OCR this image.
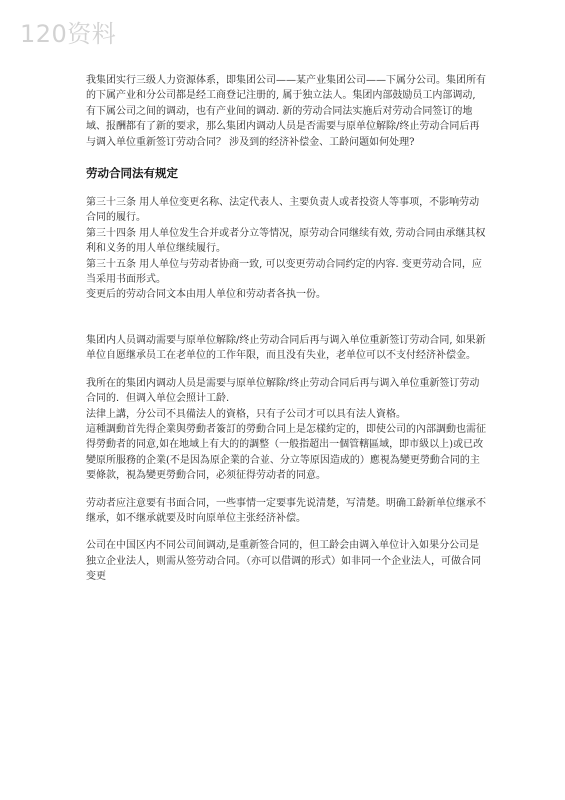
120资料

我集团实行三级人力资源体系，即集团公司——某产业集团公司——下属分公司。集团所有的下属产业和分公司都是经工商登记注册的, 属于独立法人。集团内部鼓励员工内部调动, 有下属公司之间的调动，也有产业间的调动. 新的劳动合同法实施后对劳动合同签订的地域、报酬都有了新的要求，那么集团内调动人员是否需要与原单位解除/终止劳动合同后再与调入单位重新签订劳动合同？ 涉及到的经济补偿金、工龄问题如何处理?

劳动合同法有规定

第三十三条 用人单位变更名称、法定代表人、主要负责人或者投资人等事项，不影响劳动合同的履行。

第三十四条 用人单位发生合并或者分立等情况，原劳动合同继续有效, 劳动合同由承继其权利和义务的用人单位继续履行。

第三十五条 用人单位与劳动者协商一致, 可以变更劳动合同约定的内容. 变更劳动合同，应当采用书面形式。

变更后的劳动合同文本由用人单位和劳动者各执一份。

集团内人员调动需要与原单位解除/终止劳动合同后再与调入单位重新签订劳动合同, 如果新单位自愿继承员工在老单位的工作年限，而且没有失业，老单位可以不支付经济补偿金。

我所在的集团内调动人员是需要与原单位解除/终止劳动合同后再与调入单位重新签订劳动合同的．但调入单位会照计工龄.

法律上講，分公司不具備法人的資格，只有子公司才可以具有法人資格。

這種調動首先得企業與勞動者簽訂的勞動合同上是怎樣約定的，即使公司的內部調動也需征得勞動者的同意,如在地域上有大的的調整（一般指超出一個管轄區域，即市級以上)或已改變原所服務的企業(不是因為原企業的合並、分立等原因造成的）應視為變更勞動合同的主要條款，視為變更勞動合同，必须征得劳动者的同意。

劳动者应注意要有书面合同，一些事情一定要事先说清楚，写清楚。明确工龄新单位继承不继承，如不继承就要及时向原单位主张经济补偿。

公司在中国区内不同公司间调动,是重新签合同的，但工龄会由调入单位计入如果分公司是独立企业法人，则需从签劳动合同。（亦可以借调的形式）如非同一个企业法人，可做合同变更
